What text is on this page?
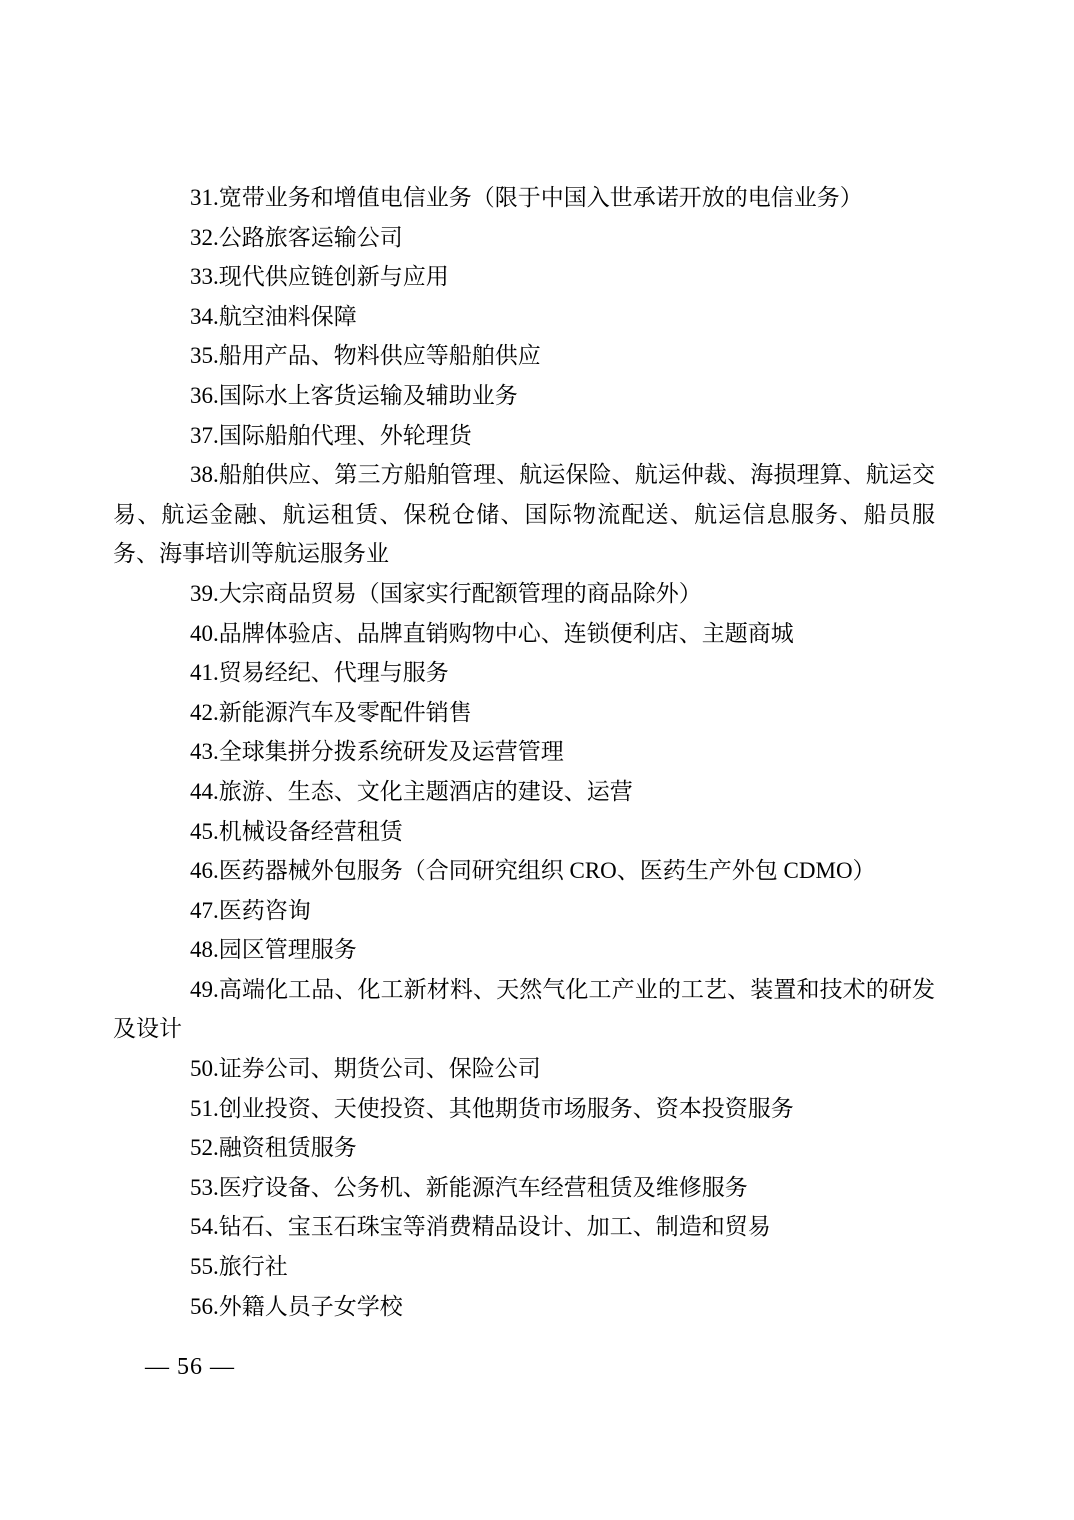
31.宽带业务和增值电信业务（限于中国入世承诺开放的电信业务）

32.公路旅客运输公司

33.现代供应链创新与应用

34.航空油料保障

35.船用产品、物料供应等船舶供应

36.国际水上客货运输及辅助业务

37.国际船舶代理、外轮理货

38.船舶供应、第三方船舶管理、航运保险、航运仲裁、海损理算、航运交易、航运金融、航运租赁、保税仓储、国际物流配送、航运信息服务、船员服务、海事培训等航运服务业

39.大宗商品贸易（国家实行配额管理的商品除外）

40.品牌体验店、品牌直销购物中心、连锁便利店、主题商城

41.贸易经纪、代理与服务

42.新能源汽车及零配件销售

43.全球集拼分拨系统研发及运营管理

44.旅游、生态、文化主题酒店的建设、运营

45.机械设备经营租赁

46.医药器械外包服务（合同研究组织 CRO、医药生产外包 CDMO）

47.医药咨询

48.园区管理服务

49.高端化工品、化工新材料、天然气化工产业的工艺、装置和技术的研发及设计

50.证券公司、期货公司、保险公司

51.创业投资、天使投资、其他期货市场服务、资本投资服务

52.融资租赁服务

53.医疗设备、公务机、新能源汽车经营租赁及维修服务

54.钻石、宝玉石珠宝等消费精品设计、加工、制造和贸易

55.旅行社

56.外籍人员子女学校

— 56 —
